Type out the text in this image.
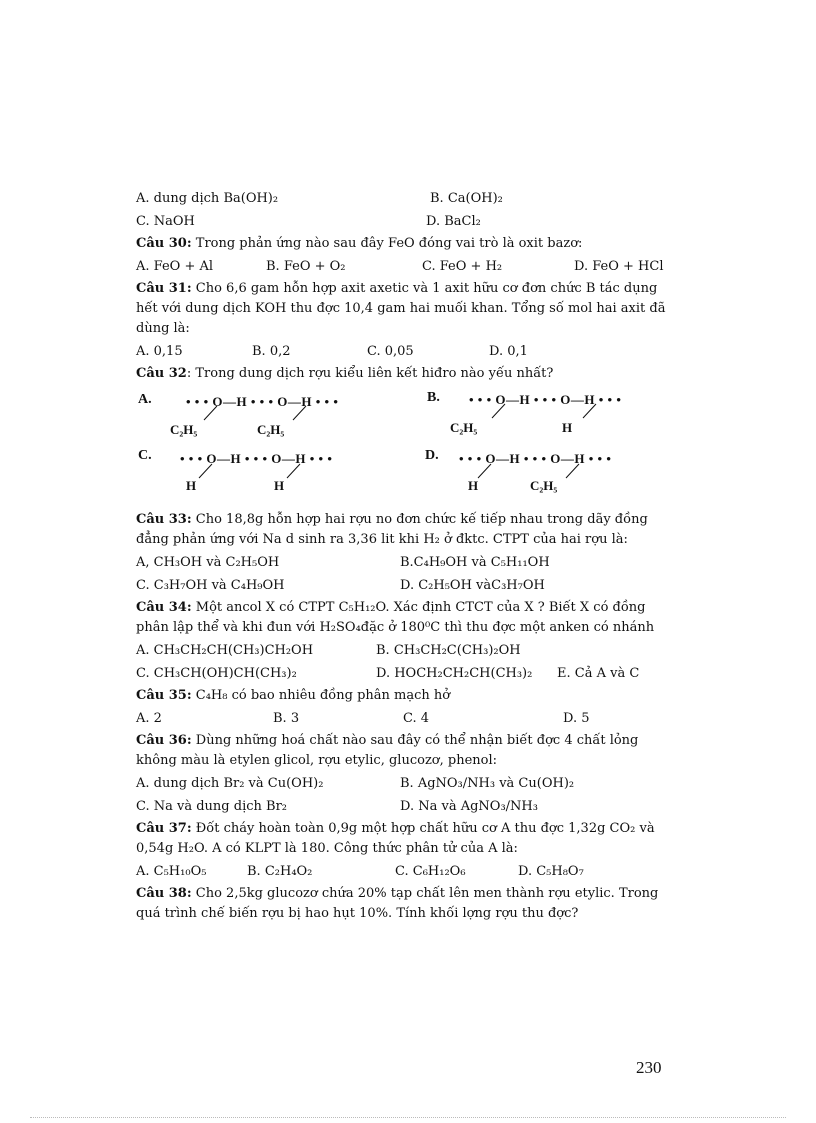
A. dung dịch Ba(OH)₂	B. Ca(OH)₂
C. NaOH	D. BaCl₂
Câu 30: Trong phản ứng nào sau đây FeO đóng vai trò là oxit bazơ:
A. FeO + Al	B. FeO + O₂	C. FeO + H₂	D. FeO + HCl
Câu 31: Cho 6,6 gam hỗn hợp axit axetic và 1 axit hữu cơ đơn chức B tác dụng
hết với dung dịch KOH thu đợc 10,4 gam hai muối khan. Tổng số mol hai axit đã
dùng là:
A. 0,15	B. 0,2	C. 0,05	D. 0,1
Câu 32: Trong dung dịch rợu kiểu liên kết hiđro nào yếu nhất?
A.	• • • O—H • • • O—H • • •
C₂H₅	C₂H₅
B. • • • O—H • • • O—H • • •
C₂H₅	H
C. • • • O—H • • • O—H • • •
H	H
D. • • • O—H • • • O—H • • •
H	C₂H₅
Câu 33: Cho 18,8g hỗn hợp hai rợu no đơn chức kế tiếp nhau trong dãy đồng
đẳng phản ứng với Na d sinh ra 3,36 lit khi H₂ ở đktc. CTPT của hai rợu là:
A, CH₃OH và C₂H₅OH	B.C₄H₉OH và C₅H₁₁OH
C. C₃H₇OH và C₄H₉OH	D. C₂H₅OH vàC₃H₇OH
Câu 34: Một ancol X có CTPT C₅H₁₂O. Xác định CTCT của X ? Biết X có đồng
phân lập thể và khi đun với H₂SO₄đặc ở 180⁰C thì thu đợc một anken có nhánh
A. CH₃CH₂CH(CH₃)CH₂OH	B. CH₃CH₂C(CH₃)₂OH
C. CH₃CH(OH)CH(CH₃)₂	D. HOCH₂CH₂CH(CH₃)₂	E. Cả A và C
Câu 35: C₄H₈ có bao nhiêu đồng phân mạch hở
A. 2	B. 3	C. 4	D. 5
Câu 36: Dùng những hoá chất nào sau đây có thể nhận biết đợc 4 chất lỏng
không màu là etylen glicol, rợu etylic, glucozơ, phenol:
A. dung dịch Br₂ và Cu(OH)₂	B. AgNO₃/NH₃ và Cu(OH)₂
C. Na và dung dịch Br₂	D. Na và AgNO₃/NH₃
Câu 37: Đốt cháy hoàn toàn 0,9g một hợp chất hữu cơ A thu đợc 1,32g CO₂ và
0,54g H₂O. A có KLPT là 180. Công thức phân tử của A là:
A. C₅H₁₀O₅	B. C₂H₄O₂	C. C₆H₁₂O₆	D. C₅H₈O₇
Câu 38: Cho 2,5kg glucozơ chứa 20% tạp chất lên men thành rợu etylic. Trong
quá trình chế biến rợu bị hao hụt 10%. Tính khối lợng rợu thu đợc?
230
